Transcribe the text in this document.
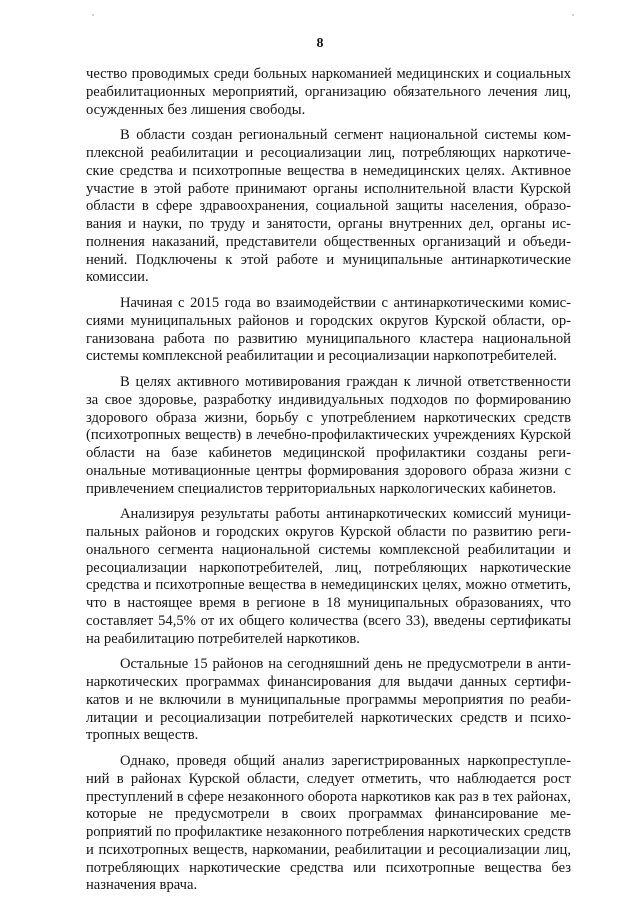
8

чество проводимых среди больных наркоманией медицинских и социальных реабилитационных мероприятий, организацию обязательного лечения лиц, осужденных без лишения свободы.

В области создан региональный сегмент национальной системы комплексной реабилитации и ресоциализации лиц, потребляющих наркотические средства и психотропные вещества в немедицинских целях. Активное участие в этой работе принимают органы исполнительной власти Курской области в сфере здравоохранения, социальной защиты населения, образования и науки, по труду и занятости, органы внутренних дел, органы исполнения наказаний, представители общественных организаций и объединений. Подключены к этой работе и муниципальные антинаркотические комиссии.

Начиная с 2015 года во взаимодействии с антинаркотическими комиссиями муниципальных районов и городских округов Курской области, организована работа по развитию муниципального кластера национальной системы комплексной реабилитации и ресоциализации наркопотребителей.

В целях активного мотивирования граждан к личной ответственности за свое здоровье, разработку индивидуальных подходов по формированию здорового образа жизни, борьбу с употреблением наркотических средств (психотропных веществ) в лечебно-профилактических учреждениях Курской области на базе кабинетов медицинской профилактики созданы региональные мотивационные центры формирования здорового образа жизни с привлечением специалистов территориальных наркологических кабинетов.

Анализируя результаты работы антинаркотических комиссий муниципальных районов и городских округов Курской области по развитию регионального сегмента национальной системы комплексной реабилитации и ресоциализации наркопотребителей, лиц, потребляющих наркотические средства и психотропные вещества в немедицинских целях, можно отметить, что в настоящее время в регионе в 18 муниципальных образованиях, что составляет 54,5% от их общего количества (всего 33), введены сертификаты на реабилитацию потребителей наркотиков.

Остальные 15 районов на сегодняшний день не предусмотрели в антинаркотических программах финансирования для выдачи данных сертификатов и не включили в муниципальные программы мероприятия по реабилитации и ресоциализации потребителей наркотических средств и психотропных веществ.

Однако, проведя общий анализ зарегистрированных наркопреступлений в районах Курской области, следует отметить, что наблюдается рост преступлений в сфере незаконного оборота наркотиков как раз в тех районах, которые не предусмотрели в своих программах финансирование мероприятий по профилактике незаконного потребления наркотических средств и психотропных веществ, наркомании, реабилитации и ресоциализации лиц, потребляющих наркотические средства или психотропные вещества без назначения врача.
